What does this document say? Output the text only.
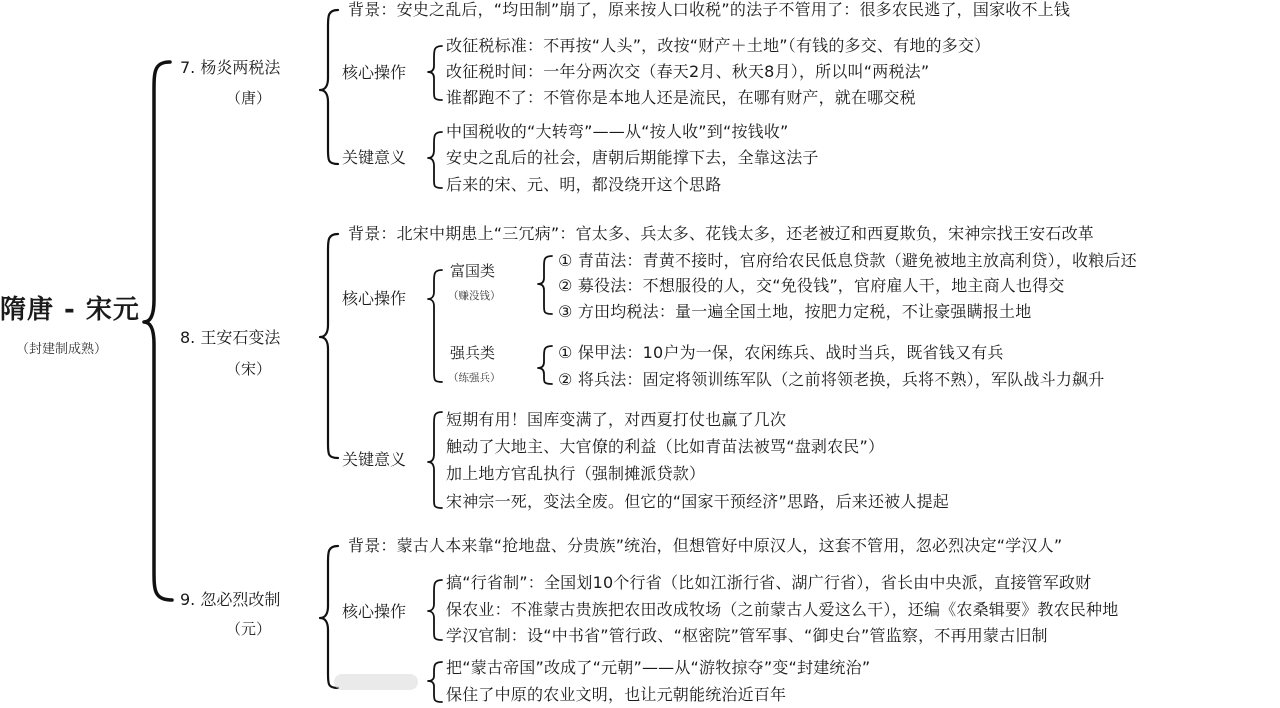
隋唐 - 宋元
（封建制成熟）
7. 杨炎两税法
（唐）
背景：安史之乱后，“均田制”崩了，原来按人口收税”的法子不管用了：很多农民逃了，国家收不上钱
核心操作
改征税标准：不再按“人头”，改按“财产＋土地”（有钱的多交、有地的多交）
改征税时间：一年分两次交（春天2月、秋天8月），所以叫“两税法”
谁都跑不了：不管你是本地人还是流民，在哪有财产，就在哪交税
关键意义
中国税收的“大转弯”——从“按人收”到“按钱收”
安史之乱后的社会，唐朝后期能撑下去，全靠这法子
后来的宋、元、明，都没绕开这个思路
8. 王安石变法
（宋）
背景：北宋中期患上“三冗病”：官太多、兵太多、花钱太多，还老被辽和西夏欺负，宋神宗找王安石改革
核心操作
富国类
（赚没钱）
① 青苗法：青黄不接时，官府给农民低息贷款（避免被地主放高利贷），收粮后还
② 募役法：不想服役的人，交“免役钱”，官府雇人干，地主商人也得交
③ 方田均税法：量一遍全国土地，按肥力定税，不让豪强瞒报土地
强兵类
（练强兵）
① 保甲法：10户为一保，农闲练兵、战时当兵，既省钱又有兵
② 将兵法：固定将领训练军队（之前将领老换，兵将不熟），军队战斗力飙升
关键意义
短期有用！国库变满了，对西夏打仗也赢了几次
触动了大地主、大官僚的利益（比如青苗法被骂“盘剥农民”）
加上地方官乱执行（强制摊派贷款）
宋神宗一死，变法全废。但它的“国家干预经济”思路，后来还被人提起
9. 忽必烈改制
（元）
背景：蒙古人本来靠“抢地盘、分贵族”统治，但想管好中原汉人，这套不管用，忽必烈决定“学汉人”
核心操作
搞“行省制”：全国划10个行省（比如江浙行省、湖广行省），省长由中央派，直接管军政财
保农业：不准蒙古贵族把农田改成牧场（之前蒙古人爱这么干），还编《农桑辑要》教农民种地
学汉官制：设“中书省”管行政、“枢密院”管军事、“御史台”管监察，不再用蒙古旧制
把“蒙古帝国”改成了“元朝”——从“游牧掠夺”变“封建统治”
保住了中原的农业文明，也让元朝能统治近百年
